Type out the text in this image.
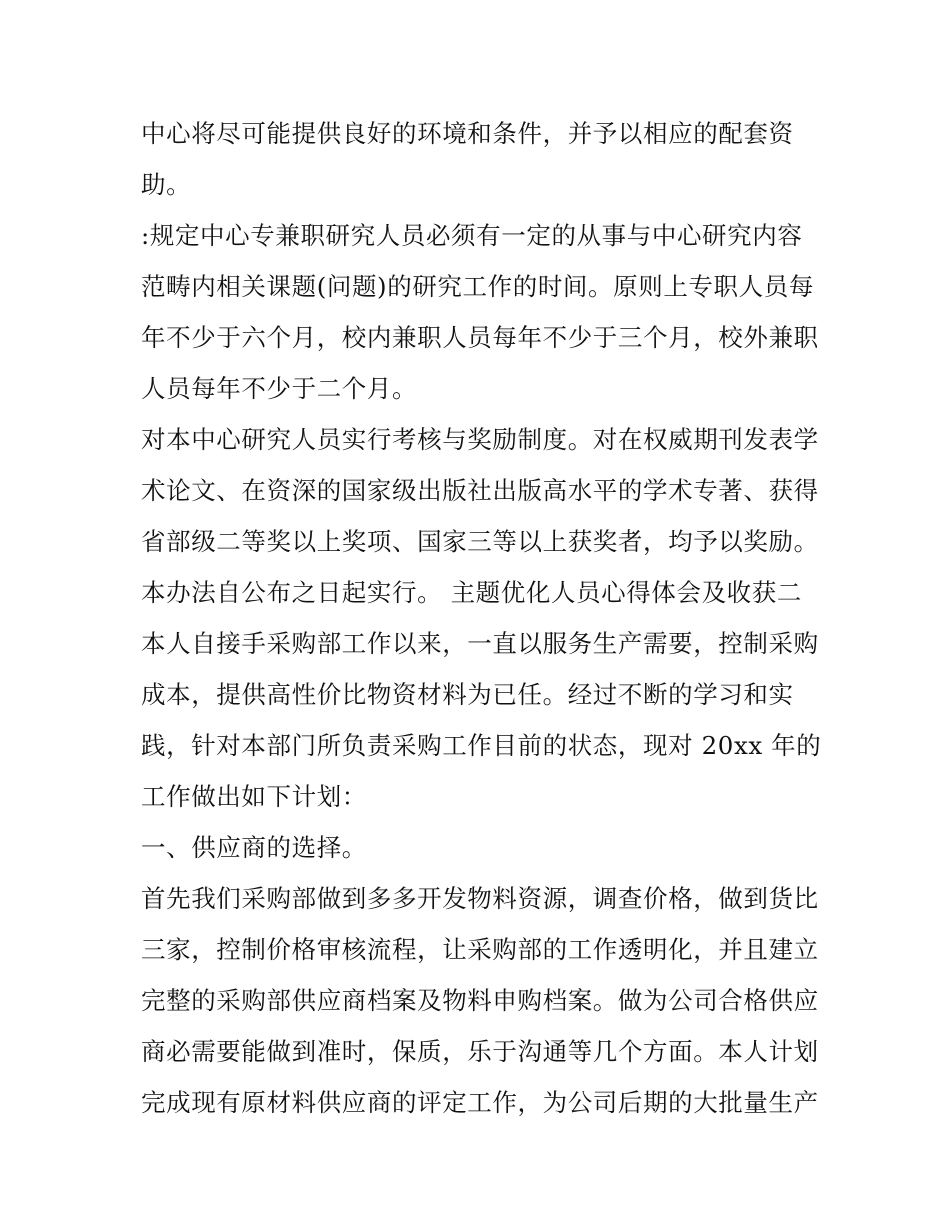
中心将尽可能提供良好的环境和条件，并予以相应的配套资
助。
:规定中心专兼职研究人员必须有一定的从事与中心研究内容
范畴内相关课题(问题)的研究工作的时间。原则上专职人员每
年不少于六个月，校内兼职人员每年不少于三个月，校外兼职
人员每年不少于二个月。
对本中心研究人员实行考核与奖励制度。对在权威期刊发表学
术论文、在资深的国家级出版社出版高水平的学术专著、获得
省部级二等奖以上奖项、国家三等以上获奖者，均予以奖励。
本办法自公布之日起实行。 主题优化人员心得体会及收获二
本人自接手采购部工作以来，一直以服务生产需要，控制采购
成本，提供高性价比物资材料为已任。经过不断的学习和实
践，针对本部门所负责采购工作目前的状态，现对 20xx 年的
工作做出如下计划：
一、供应商的选择。
首先我们采购部做到多多开发物料资源，调查价格，做到货比
三家，控制价格审核流程，让采购部的工作透明化，并且建立
完整的采购部供应商档案及物料申购档案。做为公司合格供应
商必需要能做到准时，保质，乐于沟通等几个方面。本人计划
完成现有原材料供应商的评定工作，为公司后期的大批量生产
